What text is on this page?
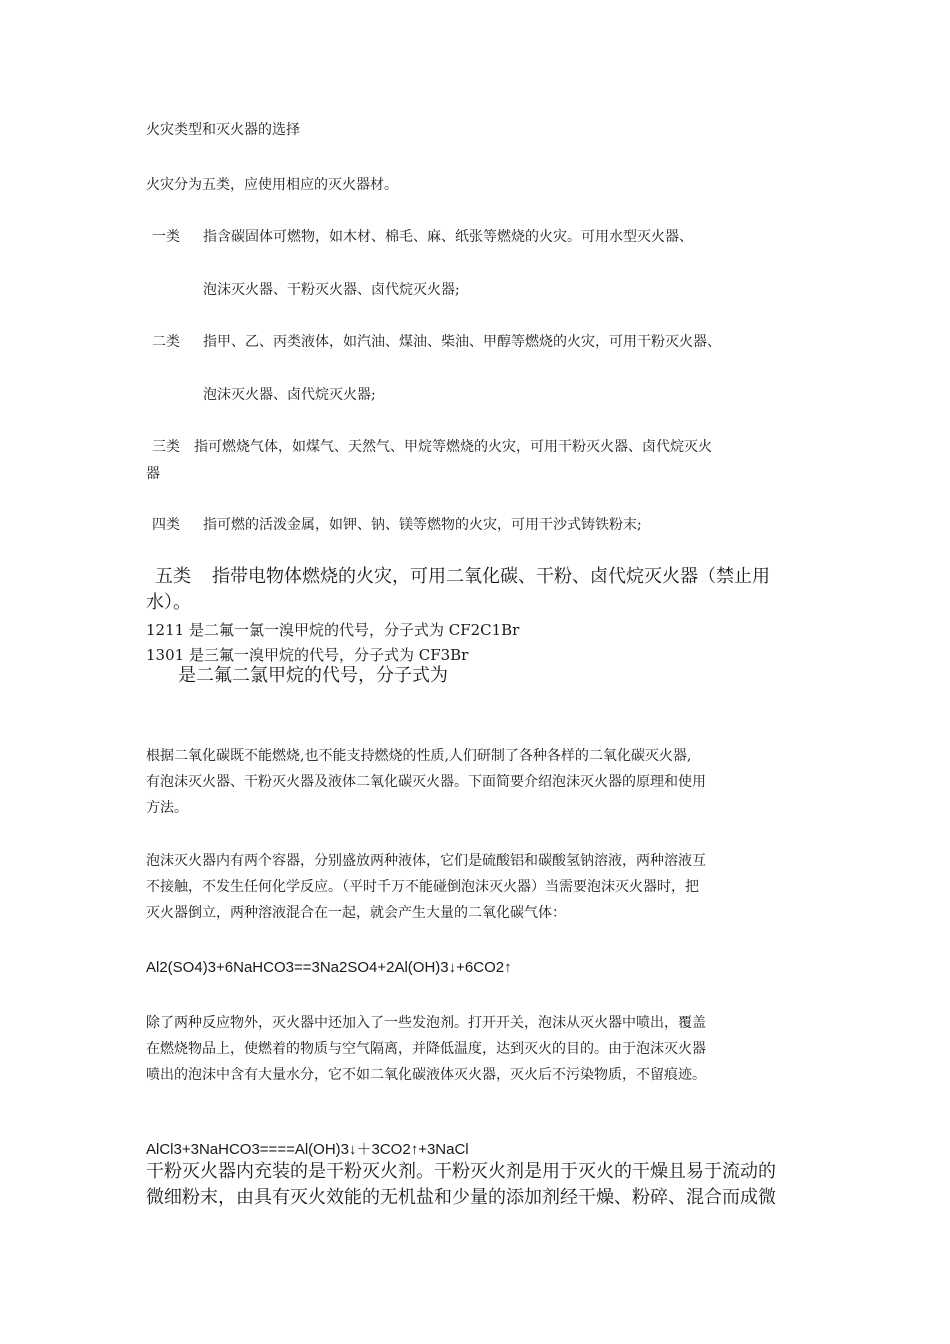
火灾类型和灭火器的选择
火灾分为五类，应使用相应的灭火器材。
一类 指含碳固体可燃物，如木材、棉毛、麻、纸张等燃烧的火灾。可用水型灭火器、
泡沫灭火器、干粉灭火器、卤代烷灭火器;
二类 指甲、乙、丙类液体，如汽油、煤油、柴油、甲醇等燃烧的火灾，可用干粉灭火器、
泡沫灭火器、卤代烷灭火器;
三类 指可燃烧气体，如煤气、天然气、甲烷等燃烧的火灾，可用干粉灭火器、卤代烷灭火
器
四类 指可燃的活泼金属，如钾、钠、镁等燃物的火灾，可用干沙式铸铁粉末;
五类 指带电物体燃烧的火灾，可用二氧化碳、干粉、卤代烷灭火器（禁止用
水）。
1211 是二氟一氯一溴甲烷的代号，分子式为 CF2C1Br
1301 是三氟一溴甲烷的代号，分子式为 CF3Br
是二氟二氯甲烷的代号，分子式为
根据二氧化碳既不能燃烧,也不能支持燃烧的性质,人们研制了各种各样的二氧化碳灭火器,
有泡沫灭火器、干粉灭火器及液体二氧化碳灭火器。下面简要介绍泡沫灭火器的原理和使用
方法。
泡沫灭火器内有两个容器，分别盛放两种液体，它们是硫酸铝和碳酸氢钠溶液，两种溶液互
不接触，不发生任何化学反应。（平时千万不能碰倒泡沫灭火器）当需要泡沫灭火器时，把
灭火器倒立，两种溶液混合在一起，就会产生大量的二氧化碳气体：
Al2(SO4)3+6NaHCO3==3Na2SO4+2Al(OH)3↓+6CO2↑
除了两种反应物外，灭火器中还加入了一些发泡剂。打开开关，泡沫从灭火器中喷出，覆盖
在燃烧物品上，使燃着的物质与空气隔离，并降低温度，达到灭火的目的。由于泡沫灭火器
喷出的泡沫中含有大量水分，它不如二氧化碳液体灭火器，灭火后不污染物质，不留痕迹。
AlCl3+3NaHCO3====Al(OH)3↓＋3CO2↑+3NaCl
干粉灭火器内充装的是干粉灭火剂。干粉灭火剂是用于灭火的干燥且易于流动的
微细粉末，由具有灭火效能的无机盐和少量的添加剂经干燥、粉碎、混合而成微
